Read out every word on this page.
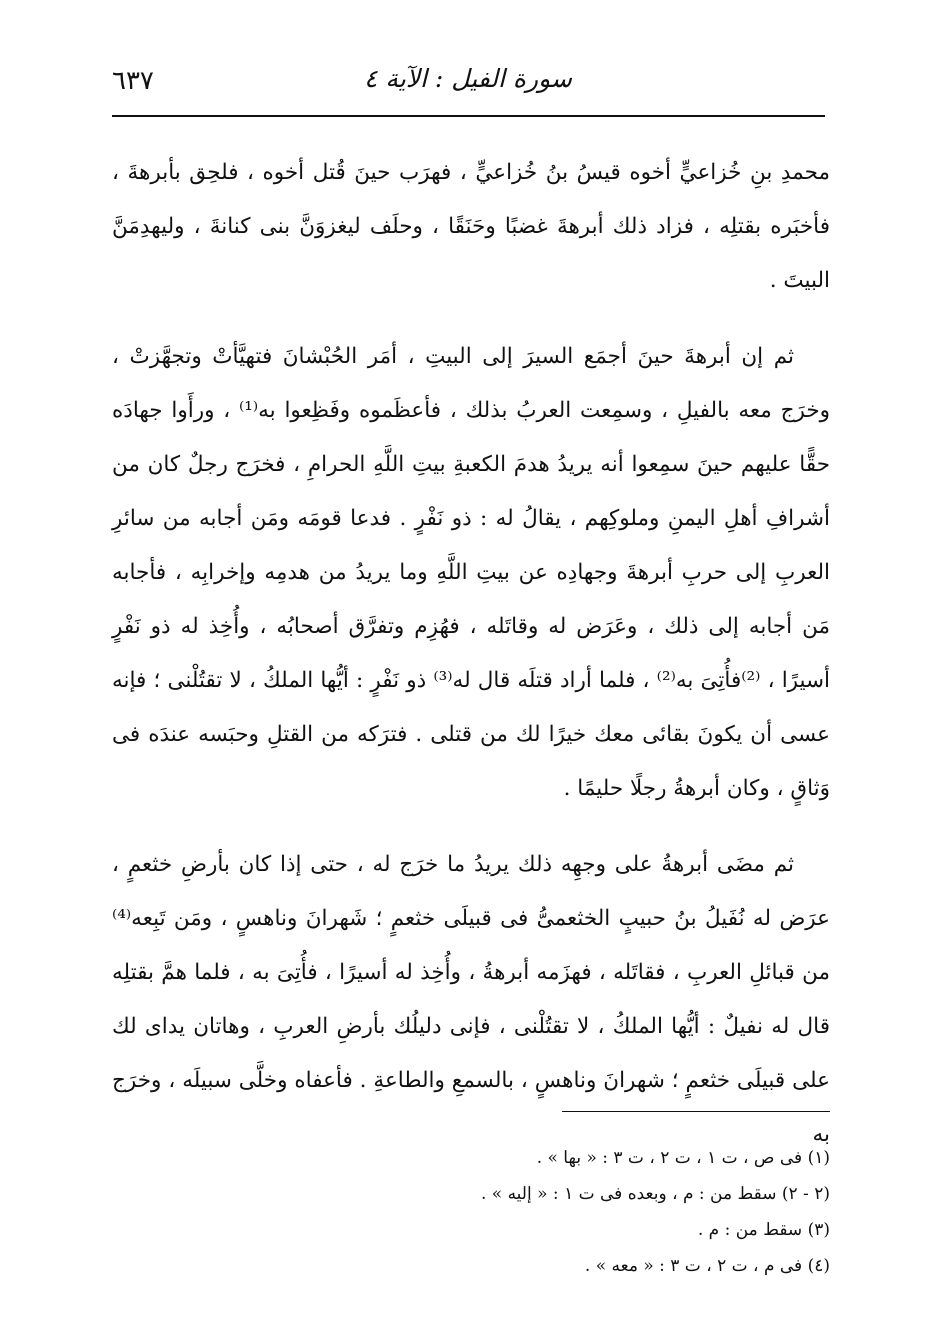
سورة الفيل : الآية ٤
٦٣٧

محمدِ بنِ خُزاعيٍّ أخوه قيسُ بنُ خُزاعيٍّ ، فهرَب حينَ قُتل أخوه ، فلحِق بأبرهةَ ، فأخبَره بقتلِه ، فزاد ذلك أبرهةَ غضبًا وحَنَقًا ، وحلَف ليغزوَنَّ بنى كنانةَ ، وليهدِمَنَّ البيتَ .

ثم إن أبرهةَ حينَ أجمَع السيرَ إلى البيتِ ، أمَر الحُبْشانَ فتهيَّأتْ وتجهَّزتْ ، وخرَج معه بالفيلِ ، وسمِعت العربُ بذلك ، فأعظَموه وفَظِعوا به⁽¹⁾ ، ورأَوا جهادَه حقًّا عليهم حينَ سمِعوا أنه يريدُ هدمَ الكعبةِ بيتِ اللَّهِ الحرامِ ، فخرَج رجلٌ كان من أشرافِ أهلِ اليمنِ وملوكِهم ، يقالُ له : ذو نَفْرٍ . فدعا قومَه ومَن أجابه من سائرِ العربِ إلى حربِ أبرهةَ وجهادِه عن بيتِ اللَّهِ وما يريدُ من هدمِه وإخرابِه ، فأجابه مَن أجابه إلى ذلك ، وعَرَض له وقاتَله ، فهُزِم وتفرَّق أصحابُه ، وأُخِذ له ذو نَفْرٍ أسيرًا ، ⁽²⁾فأُتِىَ به⁽²⁾ ، فلما أراد قتلَه قال له⁽³⁾ ذو نَفْرٍ : أيُّها الملكُ ، لا تقتُلْنى ؛ فإنه عسى أن يكونَ بقائى معك خيرًا لك من قتلى . فترَكه من القتلِ وحبَسه عندَه فى وَثاقٍ ، وكان أبرهةُ رجلًا حليمًا .

ثم مضَى أبرهةُ على وجهِه ذلك يريدُ ما خرَج له ، حتى إذا كان بأرضِ خثعمٍ ، عرَض له نُفَيلُ بنُ حبيبٍ الخثعمىُّ فى قبيلَى خثعمٍ ؛ شَهرانَ وناهسٍ ، ومَن تَبِعه⁽⁴⁾ من قبائلِ العربِ ، فقاتَله ، فهزَمه أبرهةُ ، وأُخِذ له أسيرًا ، فأُتِىَ به ، فلما همَّ بقتلِه قال له نفيلٌ : أيُّها الملكُ ، لا تقتُلْنى ، فإنى دليلُك بأرضِ العربِ ، وهاتان يداى لك على قبيلَى خثعمٍ ؛ شهرانَ وناهسٍ ، بالسمعِ والطاعةِ . فأعفاه وخلَّى سبيلَه ، وخرَج به

(١) فى ص ، ت ١ ، ت ٢ ، ت ٣ : « بها » .
(٢ - ٢) سقط من : م ، وبعده فى ت ١ : « إليه » .
(٣) سقط من : م .
(٤) فى م ، ت ٢ ، ت ٣ : « معه » .
